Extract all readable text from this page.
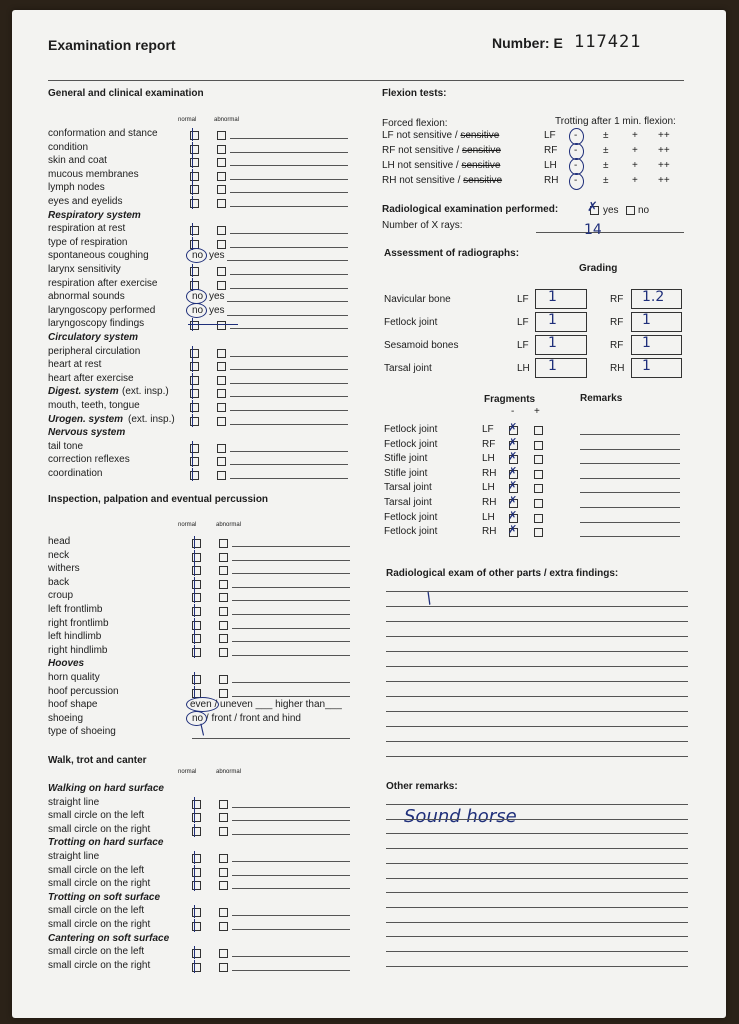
Examination report	Number: E 117421
General and clinical examination
normal	abnormal
Inspection, palpation and eventual percussion
normal	abnormal
Walk, trot and canter
normal	abnormal
Flexion tests:
Forced flexion:	Trotting after 1 min. flexion:
Radiological examination performed: ✗ yes no
Number of X rays:	14
Assessment of radiographs:
Grading
Fragments	Remarks
- +
Radiological exam of other parts / extra findings:
/
Other remarks:
Sound horse
conformation and stance
condition
skin and coat
mucous membranes
lymph nodes
eyes and eyelids
Respiratory system
respiration at rest
type of respiration
spontaneous coughing	no yes
larynx sensitivity
respiration after exercise
abnormal sounds	no yes
laryngoscopy performed	no yes
laryngoscopy findings
Circulatory system
peripheral circulation
heart at rest
heart after exercise
Digest. system (ext. insp.)
mouth, teeth, tongue
Urogen. system (ext. insp.)
Nervous system
tail tone
correction reflexes
coordination
head
neck
withers
back
croup
left frontlimb
right frontlimb
left hindlimb
right hindlimb
Hooves
horn quality
hoof percussion
hoof shape	even / uneven ___ higher than___
shoeing	no / front / front and hind
type of shoeing	/
Walking on hard surface
straight line
small circle on the left
small circle on the right
Trotting on hard surface
straight line
small circle on the left
small circle on the right
Trotting on soft surface
small circle on the left
small circle on the right
Cantering on soft surface
small circle on the left
small circle on the right
LF not sensitive / sensitive	LF -	± + ++
RF not sensitive / sensitive	RF -	± + ++
LH not sensitive / sensitive	LH -	± + ++
RH not sensitive / sensitive	RH -	± + ++
Navicular bone	LF 1	RF 1.2
Fetlock joint	LF 1	RF 1
Sesamoid bones	LF 1	RF 1
Tarsal joint	LH 1	RH 1
Fetlock joint	LF ✗
Fetlock joint	RF ✗
Stifle joint	LH ✗
Stifle joint	RH ✗
Tarsal joint	LH ✗
Tarsal joint	RH ✗
Fetlock joint	LH ✗
Fetlock joint	RH ✗
